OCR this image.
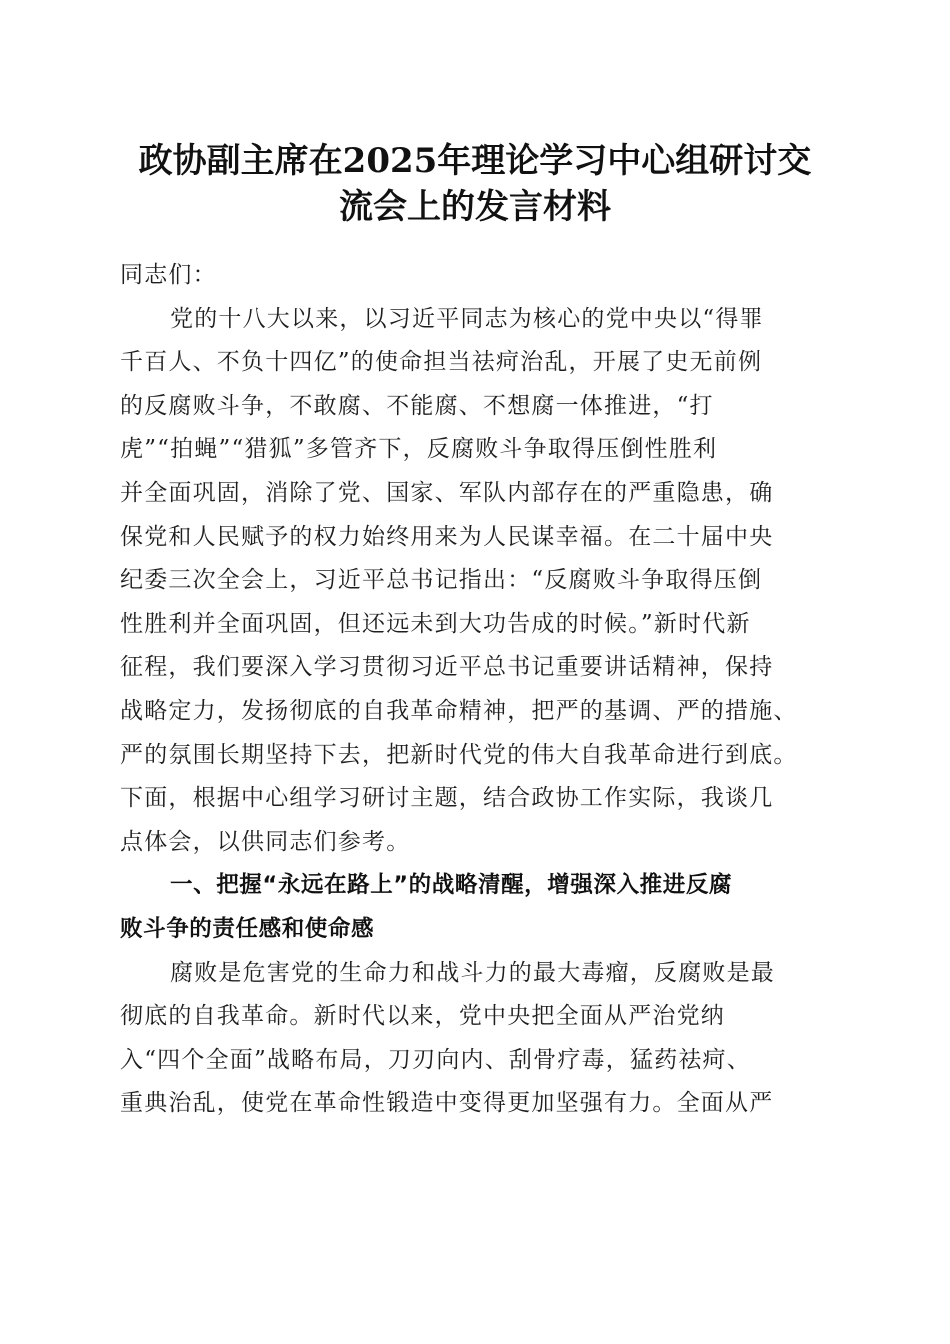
政协副主席在2025年理论学习中心组研讨交
流会上的发言材料
同志们：
党的十八大以来，以习近平同志为核心的党中央以“得罪
千百人、不负十四亿”的使命担当祛疴治乱，开展了史无前例
的反腐败斗争，不敢腐、不能腐、不想腐一体推进，“打
虎”“拍蝇”“猎狐”多管齐下，反腐败斗争取得压倒性胜利
并全面巩固，消除了党、国家、军队内部存在的严重隐患，确
保党和人民赋予的权力始终用来为人民谋幸福。在二十届中央
纪委三次全会上，习近平总书记指出：“反腐败斗争取得压倒
性胜利并全面巩固，但还远未到大功告成的时候。”新时代新
征程，我们要深入学习贯彻习近平总书记重要讲话精神，保持
战略定力，发扬彻底的自我革命精神，把严的基调、严的措施、
严的氛围长期坚持下去，把新时代党的伟大自我革命进行到底。
下面，根据中心组学习研讨主题，结合政协工作实际，我谈几
点体会，以供同志们参考。
一、把握“永远在路上”的战略清醒，增强深入推进反腐
败斗争的责任感和使命感
腐败是危害党的生命力和战斗力的最大毒瘤，反腐败是最
彻底的自我革命。新时代以来，党中央把全面从严治党纳
入“四个全面”战略布局，刀刃向内、刮骨疗毒，猛药祛疴、
重典治乱，使党在革命性锻造中变得更加坚强有力。全面从严
